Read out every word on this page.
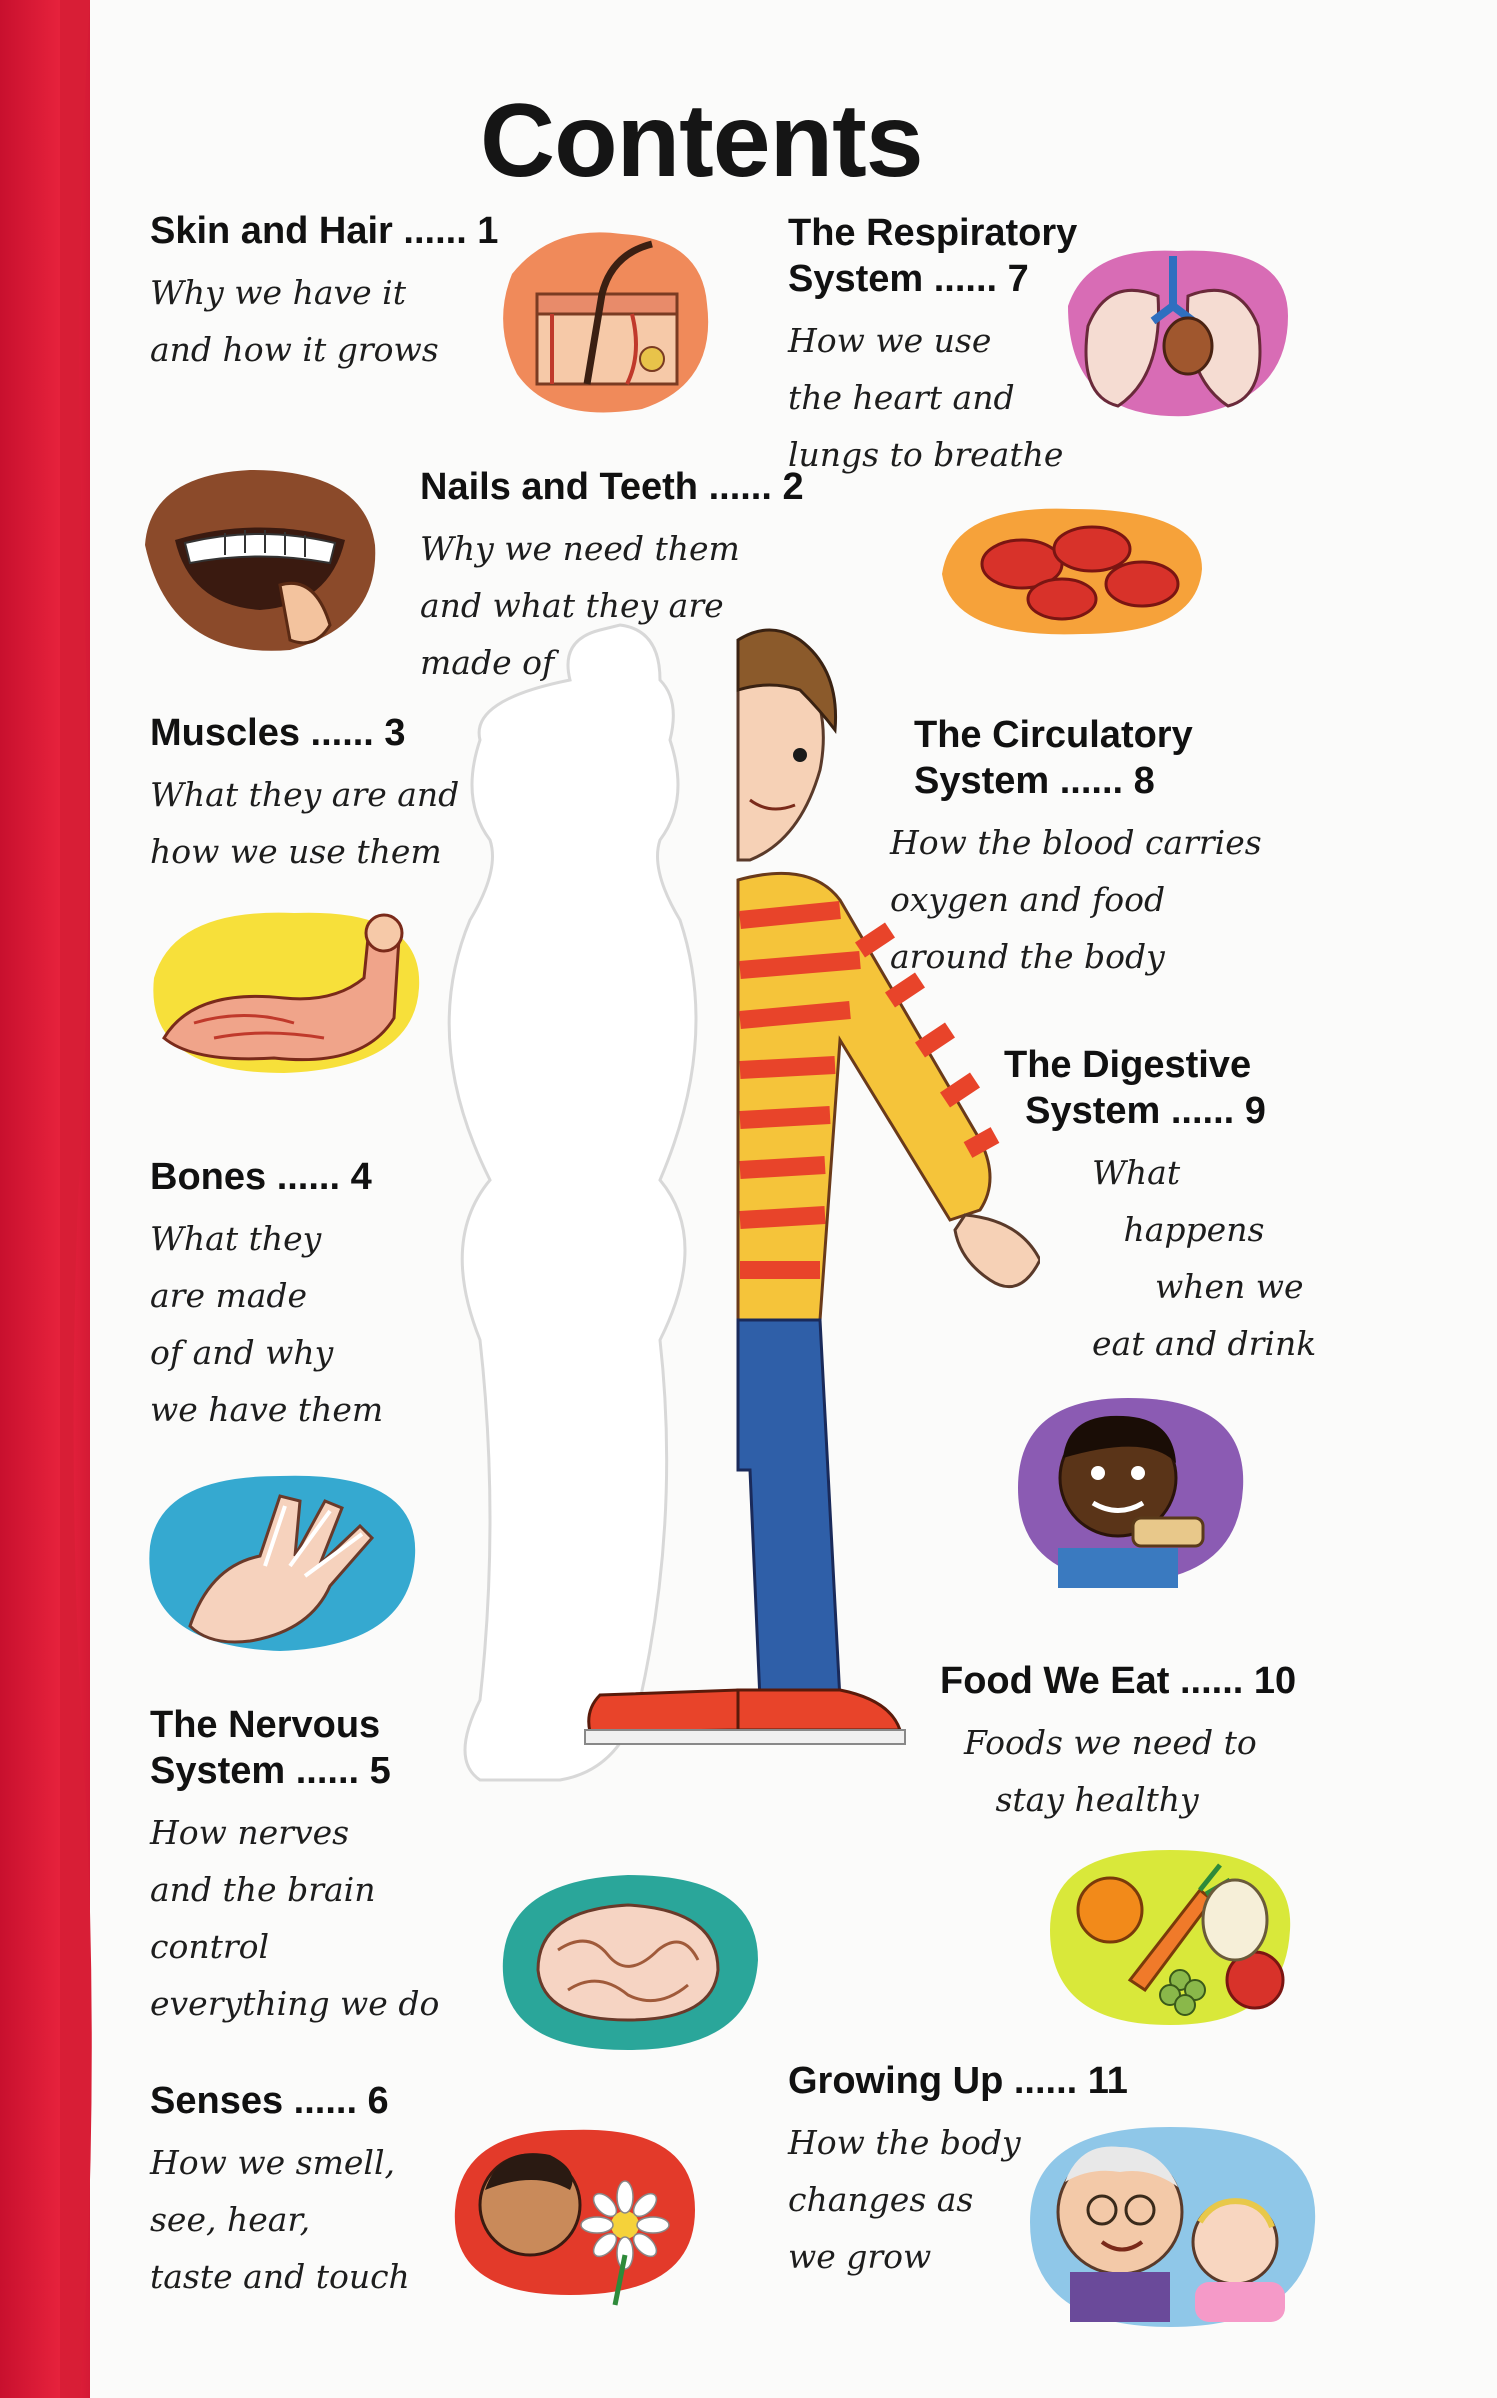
Contents
Skin and Hair ...... 1

Why we have it
and how it grows

Nails and Teeth ...... 2

Why we need them
and what they are
made of

Muscles ...... 3

What they are and
how we use them

Bones ...... 4

What they
are made
of and why
we have them

The Nervous
System ...... 5

How nerves
and the brain
control
everything we do

Senses ...... 6

How we smell,
see, hear,
taste and touch

The Respiratory
System ...... 7

How we use
the heart and
lungs to breathe

The Circulatory
System ...... 8

How the blood carries
oxygen and food
around the body

The Digestive
System ...... 9

What
happens
when we
eat and drink

Food We Eat ...... 10

Foods we need to
stay healthy

Growing Up ...... 11

How the body
changes as
we grow
